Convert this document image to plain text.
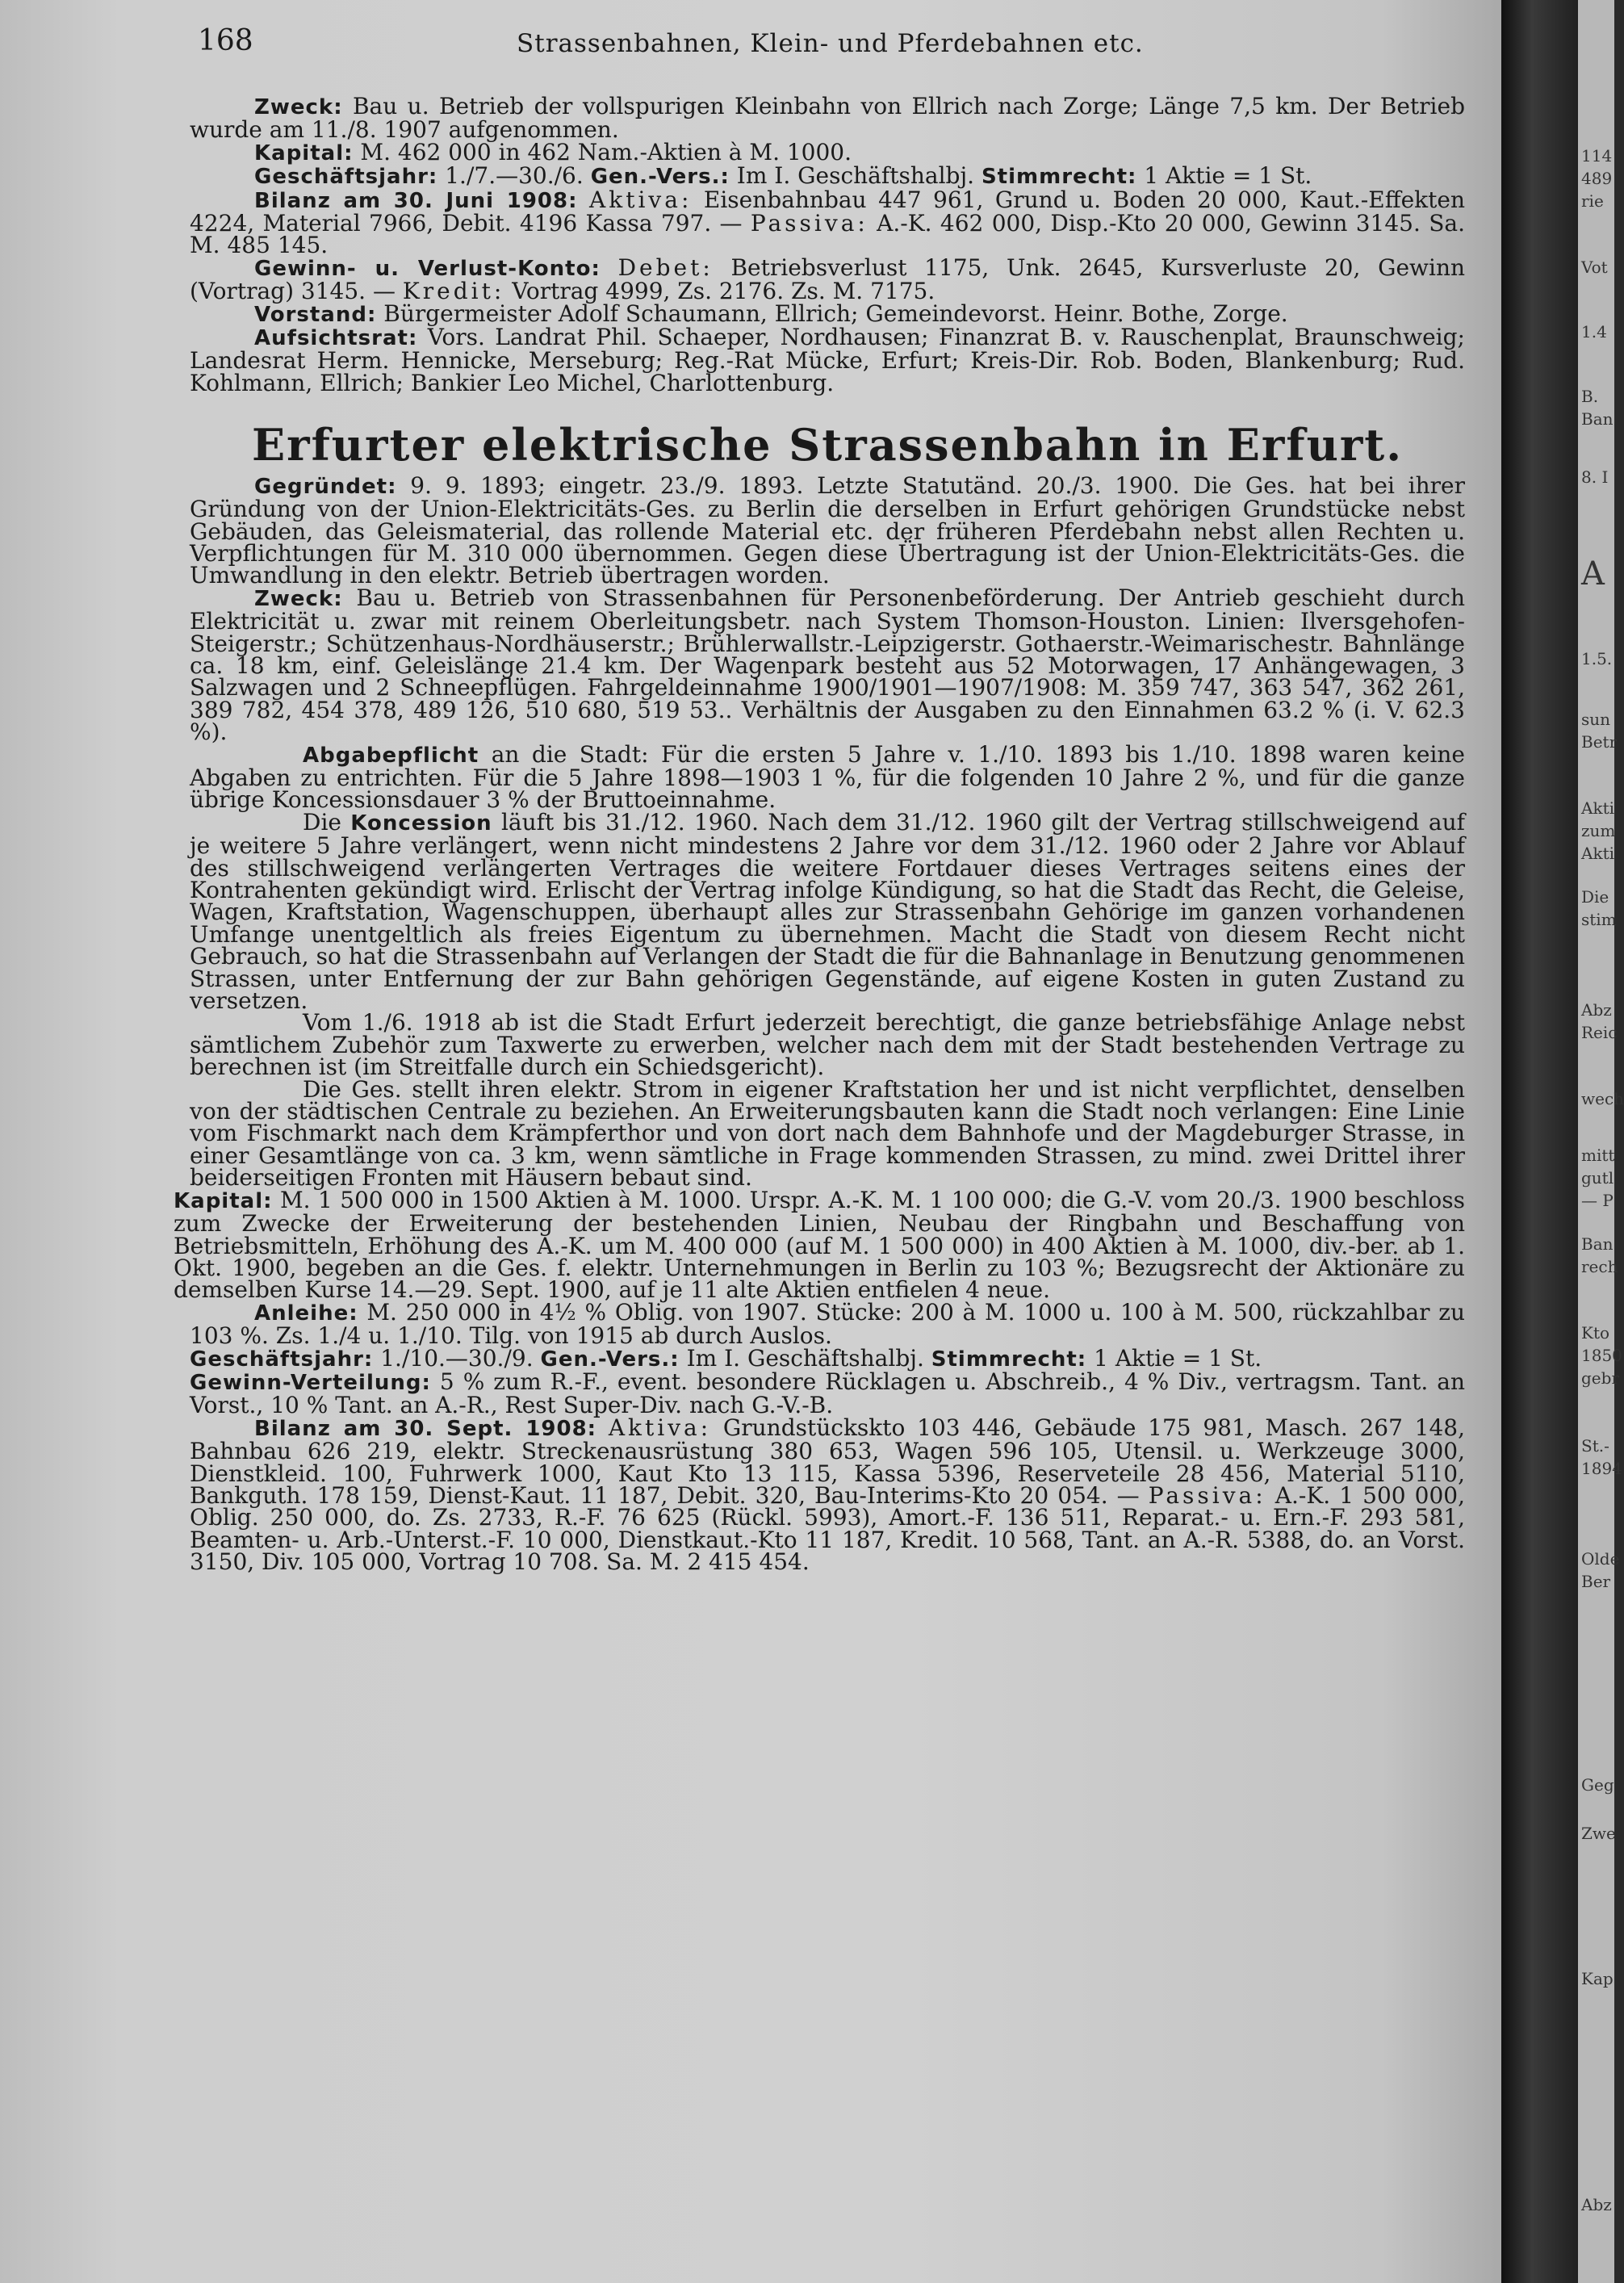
168	Strassenbahnen, Klein- und Pferdebahnen etc.

Zweck: Bau u. Betrieb der vollspurigen Kleinbahn von Ellrich nach Zorge; Länge 7,5 km. Der Betrieb wurde am 11./8. 1907 aufgenommen.

Kapital: M. 462 000 in 462 Nam.-Aktien à M. 1000.

Geschäftsjahr: 1./7.—30./6. Gen.-Vers.: Im I. Geschäftshalbj. Stimmrecht: 1 Aktie = 1 St.

Bilanz am 30. Juni 1908: Aktiva: Eisenbahnbau 447 961, Grund u. Boden 20 000, Kaut.-Effekten 4224, Material 7966, Debit. 4196 Kassa 797. — Passiva: A.-K. 462 000, Disp.-Kto 20 000, Gewinn 3145. Sa. M. 485 145.

Gewinn- u. Verlust-Konto: Debet: Betriebsverlust 1175, Unk. 2645, Kursverluste 20, Gewinn (Vortrag) 3145. — Kredit: Vortrag 4999, Zs. 2176. Zs. M. 7175.

Vorstand: Bürgermeister Adolf Schaumann, Ellrich; Gemeindevorst. Heinr. Bothe, Zorge.

Aufsichtsrat: Vors. Landrat Phil. Schaeper, Nordhausen; Finanzrat B. v. Rauschenplat, Braunschweig; Landesrat Herm. Hennicke, Merseburg; Reg.-Rat Mücke, Erfurt; Kreis-Dir. Rob. Boden, Blankenburg; Rud. Kohlmann, Ellrich; Bankier Leo Michel, Charlottenburg.

Erfurter elektrische Strassenbahn in Erfurt.

Gegründet: 9. 9. 1893; eingetr. 23./9. 1893. Letzte Statutänd. 20./3. 1900. Die Ges. hat bei ihrer Gründung von der Union-Elektricitäts-Ges. zu Berlin die derselben in Erfurt gehörigen Grundstücke nebst Gebäuden, das Geleismaterial, das rollende Material etc. der früheren Pferdebahn nebst allen Rechten u. Verpflichtungen für M. 310 000 übernommen. Gegen diese Übertragung ist der Union-Elektricitäts-Ges. die Umwandlung in den elektr. Betrieb übertragen worden.

Zweck: Bau u. Betrieb von Strassenbahnen für Personenbeförderung. Der Antrieb geschieht durch Elektricität u. zwar mit reinem Oberleitungsbetr. nach System Thomson-Houston. Linien: Ilversgehofen-Steigerstr.; Schützenhaus-Nordhäuserstr.; Brühlerwallstr.-Leipzigerstr. Gothaerstr.-Weimarischestr. Bahnlänge ca. 18 km, einf. Geleislänge 21.4 km. Der Wagenpark besteht aus 52 Motorwagen, 17 Anhängewagen, 3 Salzwagen und 2 Schneepflügen. Fahrgeldeinnahme 1900/1901—1907/1908: M. 359 747, 363 547, 362 261, 389 782, 454 378, 489 126, 510 680, 519 53.. Verhältnis der Ausgaben zu den Einnahmen 63.2 % (i. V. 62.3 %).

Abgabepflicht an die Stadt: Für die ersten 5 Jahre v. 1./10. 1893 bis 1./10. 1898 waren keine Abgaben zu entrichten. Für die 5 Jahre 1898—1903 1 %, für die folgenden 10 Jahre 2 %, und für die ganze übrige Koncessionsdauer 3 % der Bruttoeinnahme.

Die Koncession läuft bis 31./12. 1960. Nach dem 31./12. 1960 gilt der Vertrag stillschweigend auf je weitere 5 Jahre verlängert, wenn nicht mindestens 2 Jahre vor dem 31./12. 1960 oder 2 Jahre vor Ablauf des stillschweigend verlängerten Vertrages die weitere Fortdauer dieses Vertrages seitens eines der Kontrahenten gekündigt wird. Erlischt der Vertrag infolge Kündigung, so hat die Stadt das Recht, die Geleise, Wagen, Kraftstation, Wagenschuppen, überhaupt alles zur Strassenbahn Gehörige im ganzen vorhandenen Umfange unentgeltlich als freies Eigentum zu übernehmen. Macht die Stadt von diesem Recht nicht Gebrauch, so hat die Strassenbahn auf Verlangen der Stadt die für die Bahnanlage in Benutzung genommenen Strassen, unter Entfernung der zur Bahn gehörigen Gegenstände, auf eigene Kosten in guten Zustand zu versetzen.

Vom 1./6. 1918 ab ist die Stadt Erfurt jederzeit berechtigt, die ganze betriebsfähige Anlage nebst sämtlichem Zubehör zum Taxwerte zu erwerben, welcher nach dem mit der Stadt bestehenden Vertrage zu berechnen ist (im Streitfalle durch ein Schiedsgericht).

Die Ges. stellt ihren elektr. Strom in eigener Kraftstation her und ist nicht verpflichtet, denselben von der städtischen Centrale zu beziehen. An Erweiterungsbauten kann die Stadt noch verlangen: Eine Linie vom Fischmarkt nach dem Krämpferthor und von dort nach dem Bahnhofe und der Magdeburger Strasse, in einer Gesamtlänge von ca. 3 km, wenn sämtliche in Frage kommenden Strassen, zu mind. zwei Drittel ihrer beiderseitigen Fronten mit Häusern bebaut sind.

Kapital: M. 1 500 000 in 1500 Aktien à M. 1000. Urspr. A.-K. M. 1 100 000; die G.-V. vom 20./3. 1900 beschloss zum Zwecke der Erweiterung der bestehenden Linien, Neubau der Ringbahn und Beschaffung von Betriebsmitteln, Erhöhung des A.-K. um M. 400 000 (auf M. 1 500 000) in 400 Aktien à M. 1000, div.-ber. ab 1. Okt. 1900, begeben an die Ges. f. elektr. Unternehmungen in Berlin zu 103 %; Bezugsrecht der Aktionäre zu demselben Kurse 14.—29. Sept. 1900, auf je 11 alte Aktien entfielen 4 neue.

Anleihe: M. 250 000 in 4½ % Oblig. von 1907. Stücke: 200 à M. 1000 u. 100 à M. 500, rückzahlbar zu 103 %. Zs. 1./4 u. 1./10. Tilg. von 1915 ab durch Auslos.

Geschäftsjahr: 1./10.—30./9. Gen.-Vers.: Im I. Geschäftshalbj. Stimmrecht: 1 Aktie = 1 St.

Gewinn-Verteilung: 5 % zum R.-F., event. besondere Rücklagen u. Abschreib., 4 % Div., vertragsm. Tant. an Vorst., 10 % Tant. an A.-R., Rest Super-Div. nach G.-V.-B.

Bilanz am 30. Sept. 1908: Aktiva: Grundstückskto 103 446, Gebäude 175 981, Masch. 267 148, Bahnbau 626 219, elektr. Streckenausrüstung 380 653, Wagen 596 105, Utensil. u. Werkzeuge 3000, Dienstkleid. 100, Fuhrwerk 1000, Kaut Kto 13 115, Kassa 5396, Reserveteile 28 456, Material 5110, Bankguth. 178 159, Dienst-Kaut. 11 187, Debit. 320, Bau-Interims-Kto 20 054. — Passiva: A.-K. 1 500 000, Oblig. 250 000, do. Zs. 2733, R.-F. 76 625 (Rückl. 5993), Amort.-F. 136 511, Reparat.- u. Ern.-F. 293 581, Beamten- u. Arb.-Unterst.-F. 10 000, Dienstkaut.-Kto 11 187, Kredit. 10 568, Tant. an A.-R. 5388, do. an Vorst. 3150, Div. 105 000, Vortrag 10 708. Sa. M. 2 415 454.

114
489
rie
Vot
1.4
B.
Ban
8. I
A
1.5.
sun
Betr
Akti
zum
Akti
Die
stim
Abz
Reic
wech
mitt
gutl
— P
Ban
rech
Kto
1850
gebr
St.-
1894
Olde
Ber
Geg
Zwe
Kap
Abz
